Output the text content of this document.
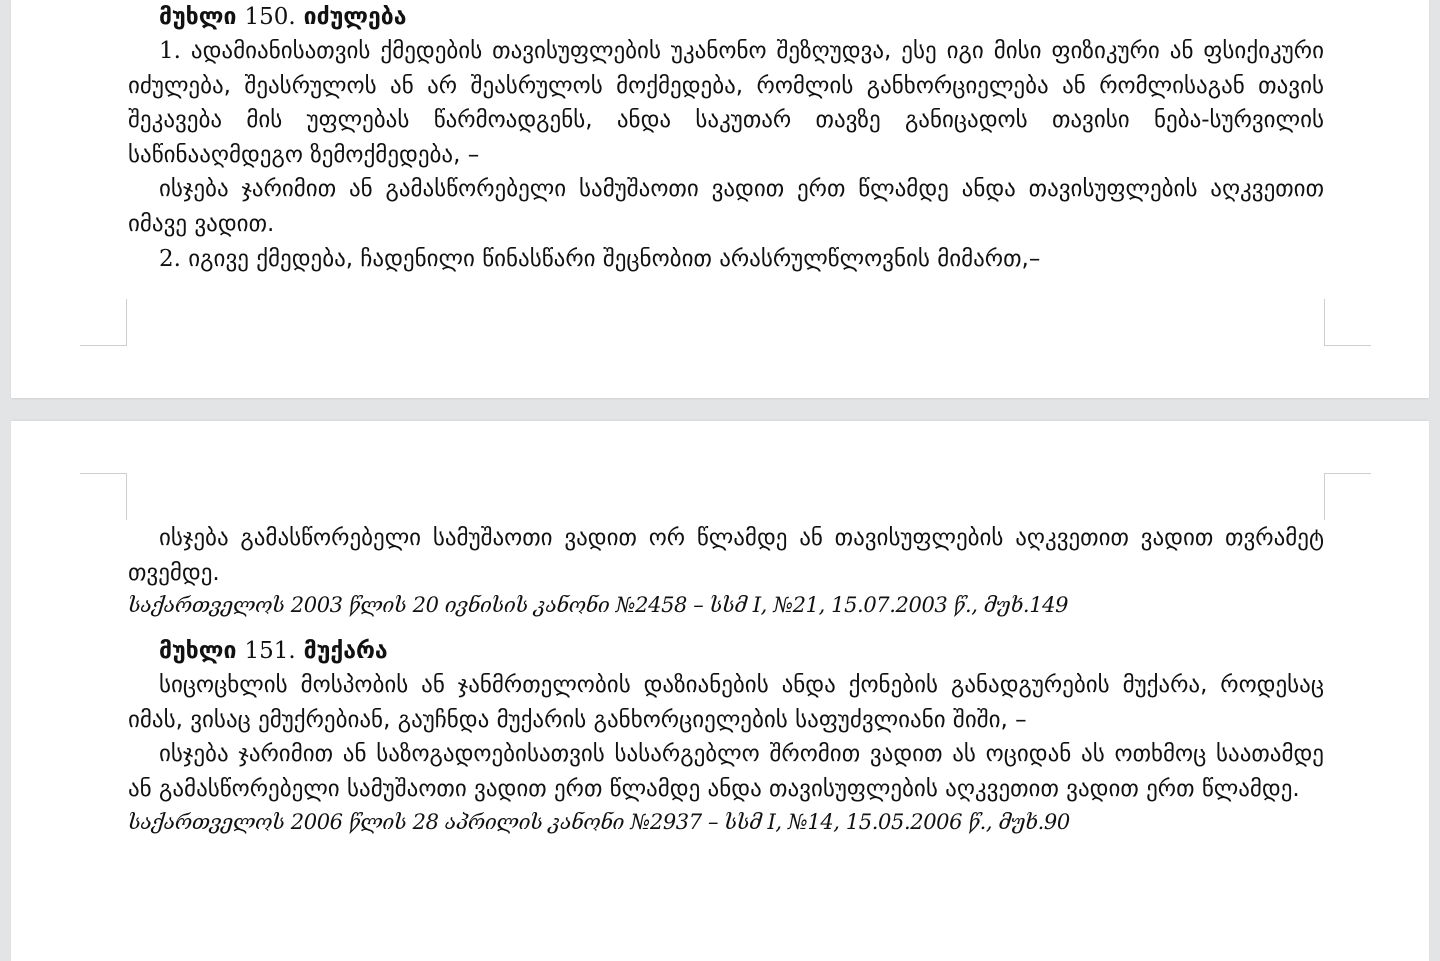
მუხლი 150. იძულება

1. ადამიანისათვის ქმედების თავისუფლების უკანონო შეზღუდვა, ესე იგი მისი ფიზიკური ან ფსიქიკური იძულება, შეასრულოს ან არ შეასრულოს მოქმედება, რომლის განხორციელება ან რომლისაგან თავის შეკავება მის უფლებას წარმოადგენს, ანდა საკუთარ თავზე განიცადოს თავისი ნება-სურვილის საწინააღმდეგო ზემოქმედება, –

ისჯება ჯარიმით ან გამასწორებელი სამუშაოთი ვადით ერთ წლამდე ანდა თავისუფლების აღკვეთით იმავე ვადით.

2. იგივე ქმედება, ჩადენილი წინასწარი შეცნობით არასრულწლოვნის მიმართ,–

ისჯება გამასწორებელი სამუშაოთი ვადით ორ წლამდე ან თავისუფლების აღკვეთით ვადით თვრამეტ თვემდე.

საქართველოს 2003 წლის 20 ივნისის კანონი №2458 – სსმ I, №21, 15.07.2003 წ., მუხ.149

მუხლი 151. მუქარა

სიცოცხლის მოსპობის ან ჯანმრთელობის დაზიანების ანდა ქონების განადგურების მუქარა, როდესაც იმას, ვისაც ემუქრებიან, გაუჩნდა მუქარის განხორციელების საფუძვლიანი შიში, –

ისჯება ჯარიმით ან საზოგადოებისათვის სასარგებლო შრომით ვადით ას ოციდან ას ოთხმოც საათამდე ან გამასწორებელი სამუშაოთი ვადით ერთ წლამდე ანდა თავისუფლების აღკვეთით ვადით ერთ წლამდე.

საქართველოს 2006 წლის 28 აპრილის კანონი №2937 – სსმ I, №14, 15.05.2006 წ., მუხ.90
